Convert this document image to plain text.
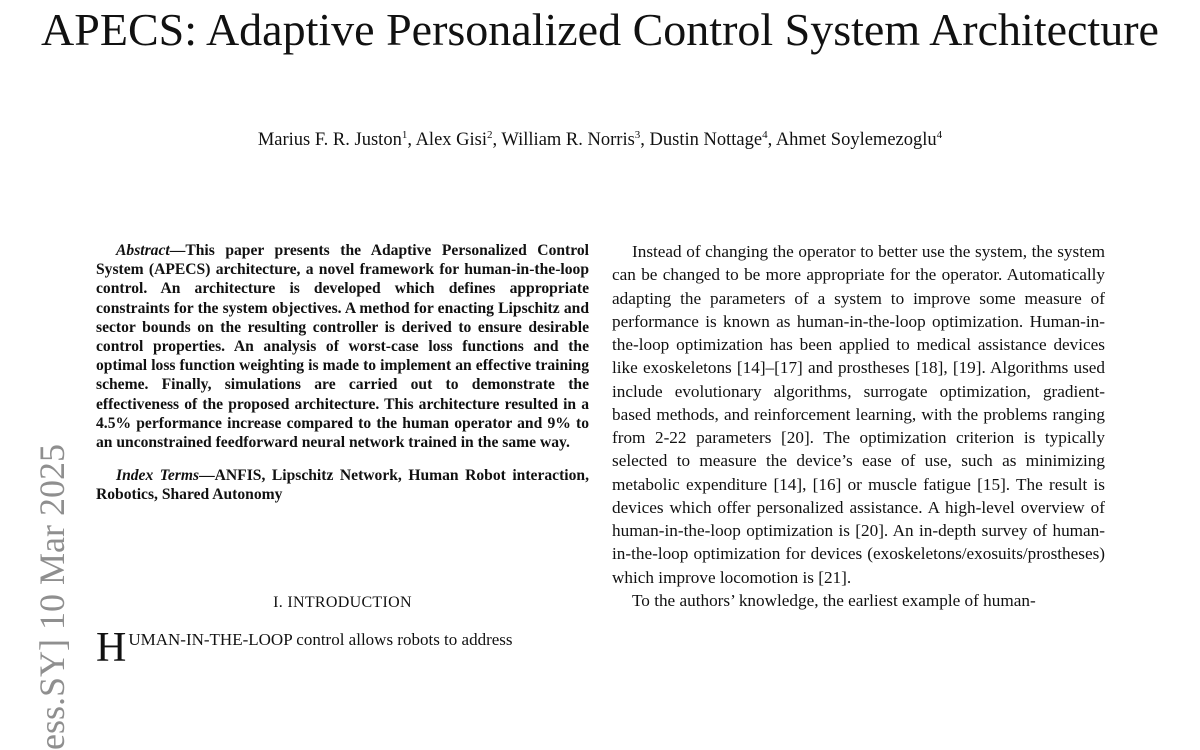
APECS: Adaptive Personalized Control System Architecture
Marius F. R. Juston$^1$, Alex Gisi$^2$, William R. Norris$^3$, Dustin Nottage$^4$, Ahmet Soylemezoglu$^4$
ess.SY] 10 Mar 2025

Abstract—This paper presents the Adaptive Personalized Control System (APECS) architecture, a novel framework for human-in-the-loop control. An architecture is developed which defines appropriate constraints for the system objectives. A method for enacting Lipschitz and sector bounds on the resulting controller is derived to ensure desirable control properties. An analysis of worst-case loss functions and the optimal loss function weighting is made to implement an effective training scheme. Finally, simulations are carried out to demonstrate the effectiveness of the proposed architecture. This architecture resulted in a 4.5% performance increase compared to the human operator and 9% to an unconstrained feedforward neural network trained in the same way.

Index Terms—ANFIS, Lipschitz Network, Human Robot interaction, Robotics, Shared Autonomy

I. INTRODUCTION
HUMAN-IN-THE-LOOP control allows robots to address

Instead of changing the operator to better use the system, the system can be changed to be more appropriate for the operator. Automatically adapting the parameters of a system to improve some measure of performance is known as human-in-the-loop optimization. Human-in-the-loop optimization has been applied to medical assistance devices like exoskeletons [14]–[17] and prostheses [18], [19]. Algorithms used include evolutionary algorithms, surrogate optimization, gradient-based methods, and reinforcement learning, with the problems ranging from 2-22 parameters [20]. The optimization criterion is typically selected to measure the device’s ease of use, such as minimizing metabolic expenditure [14], [16] or muscle fatigue [15]. The result is devices which offer personalized assistance. A high-level overview of human-in-the-loop optimization is [20]. An in-depth survey of human-in-the-loop optimization for devices (exoskeletons/exosuits/prostheses) which improve locomotion is [21].

To the authors’ knowledge, the earliest example of human-
